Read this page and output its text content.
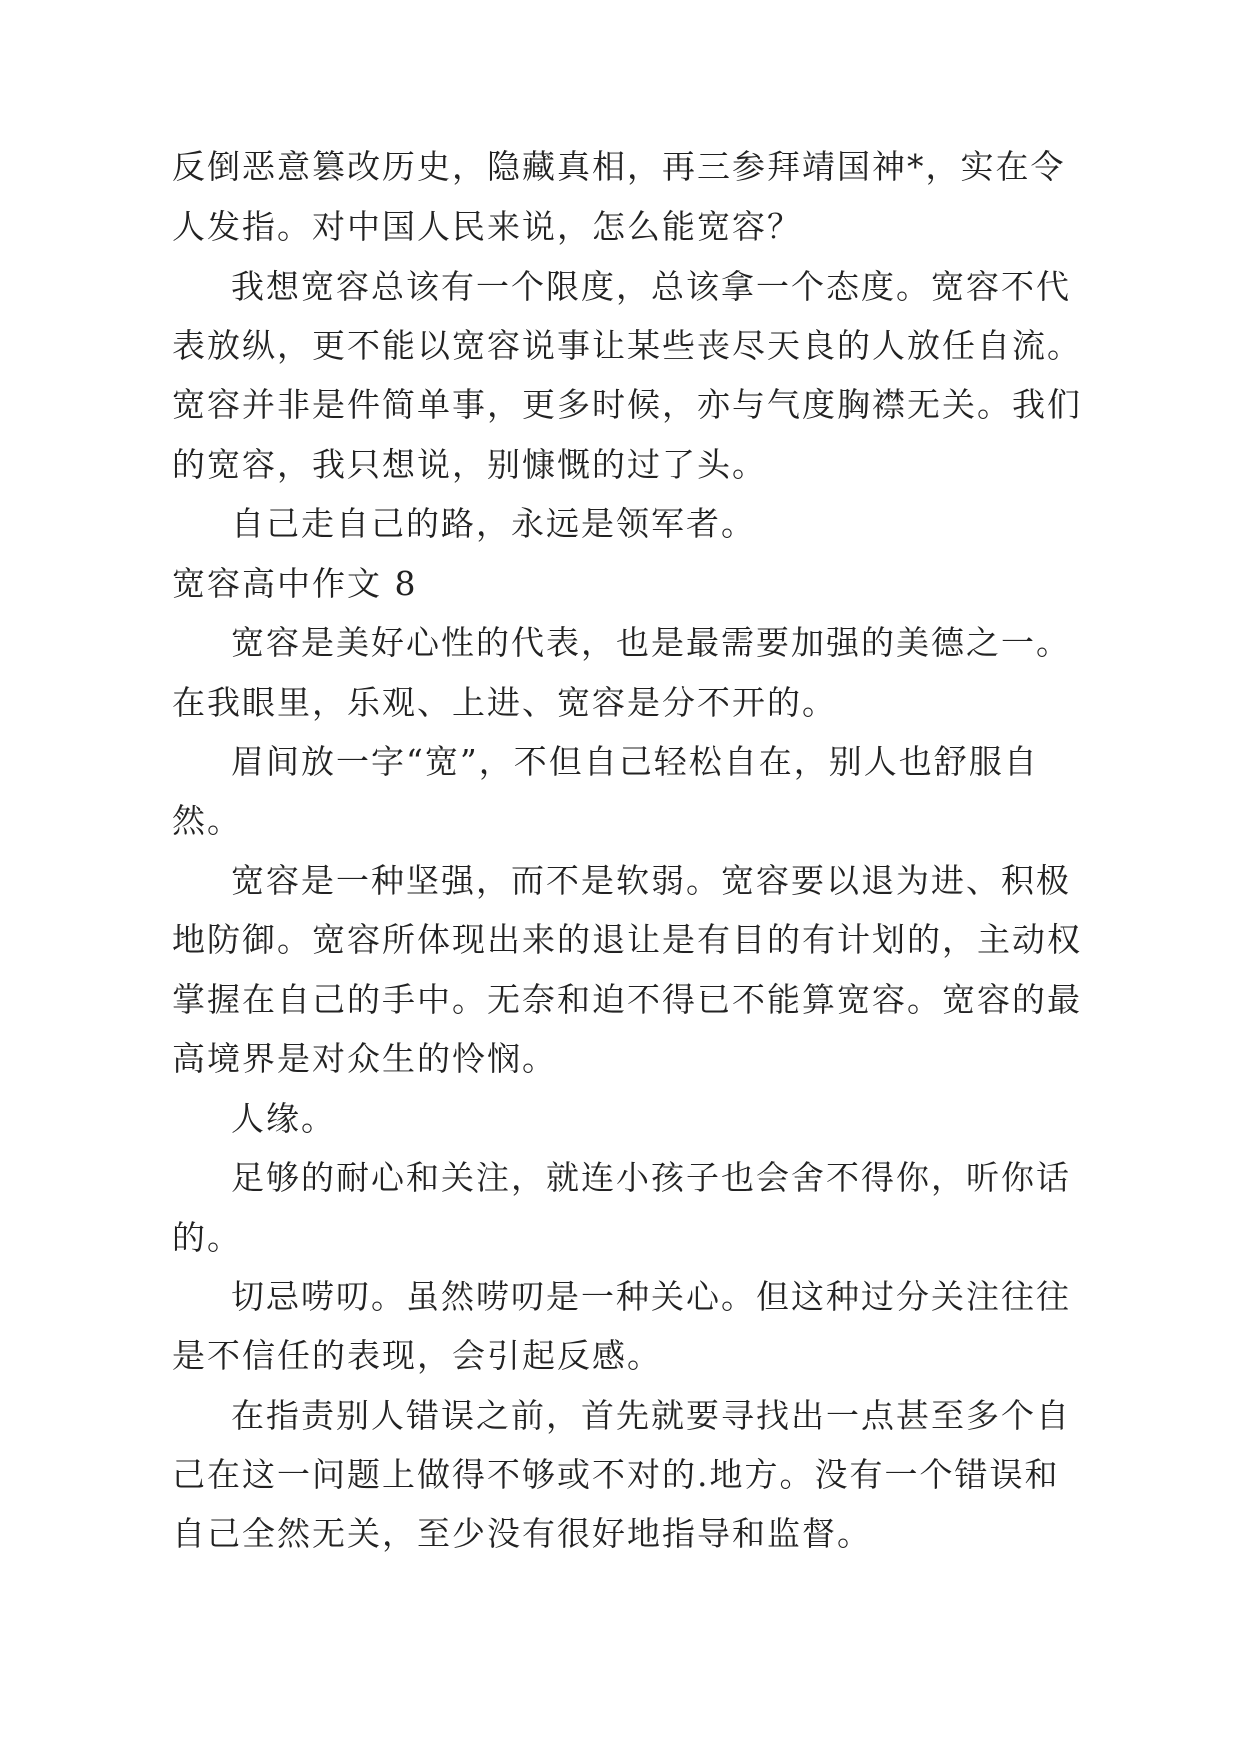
反倒恶意篡改历史，隐藏真相，再三参拜靖国神*，实在令
人发指。对中国人民来说，怎么能宽容？
我想宽容总该有一个限度，总该拿一个态度。宽容不代
表放纵，更不能以宽容说事让某些丧尽天良的人放任自流。
宽容并非是件简单事，更多时候，亦与气度胸襟无关。我们
的宽容，我只想说，别慷慨的过了头。
自己走自己的路，永远是领军者。
宽容高中作文 8
宽容是美好心性的代表，也是最需要加强的美德之一。
在我眼里，乐观、上进、宽容是分不开的。
眉间放一字“宽”，不但自己轻松自在，别人也舒服自
然。
宽容是一种坚强，而不是软弱。宽容要以退为进、积极
地防御。宽容所体现出来的退让是有目的有计划的，主动权
掌握在自己的手中。无奈和迫不得已不能算宽容。宽容的最
高境界是对众生的怜悯。
人缘。
足够的耐心和关注，就连小孩子也会舍不得你，听你话
的。
切忌唠叨。虽然唠叨是一种关心。但这种过分关注往往
是不信任的表现，会引起反感。
在指责别人错误之前，首先就要寻找出一点甚至多个自
己在这一问题上做得不够或不对的.地方。没有一个错误和
自己全然无关，至少没有很好地指导和监督。
